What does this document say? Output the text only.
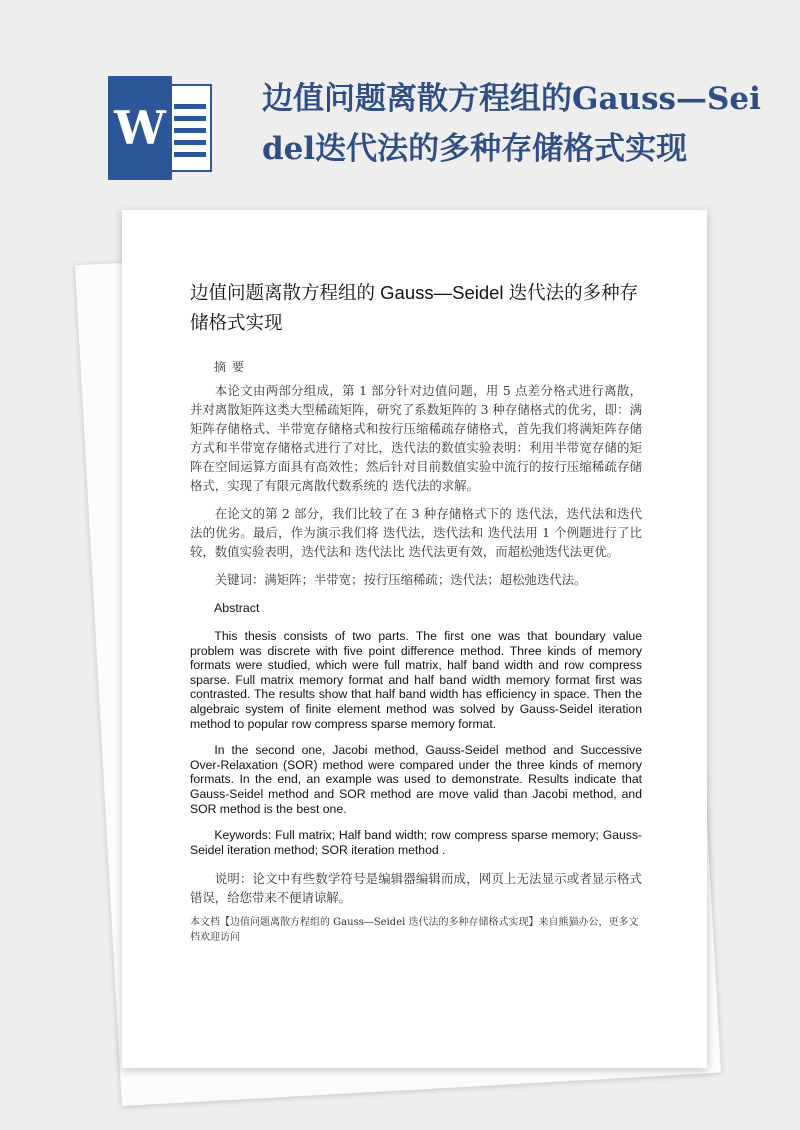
W
边值问题离散方程组的Gauss—Seidel迭代法的多种存储格式实现
边值问题离散方程组的 Gauss—Seidel 迭代法的多种存储格式实现
摘要

本论文由两部分组成，第 1 部分针对边值问题，用 5 点差分格式进行离散，并对离散矩阵这类大型稀疏矩阵，研究了系数矩阵的 3 种存储格式的优劣，即：满矩阵存储格式、半带宽存储格式和按行压缩稀疏存储格式，首先我们将满矩阵存储方式和半带宽存储格式进行了对比，迭代法的数值实验表明：利用半带宽存储的矩阵在空间运算方面具有高效性；然后针对目前数值实验中流行的按行压缩稀疏存储格式，实现了有限元离散代数系统的 迭代法的求解。

在论文的第 2 部分，我们比较了在 3 种存储格式下的 迭代法，迭代法和迭代法的优劣。最后，作为演示我们将 迭代法，迭代法和 迭代法用 1 个例题进行了比较，数值实验表明，迭代法和 迭代法比 迭代法更有效，而超松弛迭代法更优。

关键词：满矩阵；半带宽；按行压缩稀疏；迭代法；超松弛迭代法。

Abstract

This thesis consists of two parts. The first one was that boundary value problem was discrete with five point difference method. Three kinds of memory formats were studied, which were full matrix, half band width and row compress sparse. Full matrix memory format and half band width memory format first was contrasted. The results show that half band width has efficiency in space. Then the algebraic system of finite element method was solved by Gauss-Seidel iteration method to popular row compress sparse memory format.

In the second one, Jacobi method, Gauss-Seidel method and Successive Over-Relaxation (SOR) method were compared under the three kinds of memory formats. In the end, an example was used to demonstrate. Results indicate that Gauss-Seidel method and SOR method are move valid than Jacobi method, and SOR method is the best one.

Keywords: Full matrix; Half band width; row compress sparse memory; Gauss-Seidel iteration method; SOR iteration method .

说明：论文中有些数学符号是编辑器编辑而成，网页上无法显示或者显示格式错误，给您带来不便请谅解。

本文档【边值问题离散方程组的 Gauss—Seidel 迭代法的多种存储格式实现】来自熊猫办公，更多文档欢迎访问
